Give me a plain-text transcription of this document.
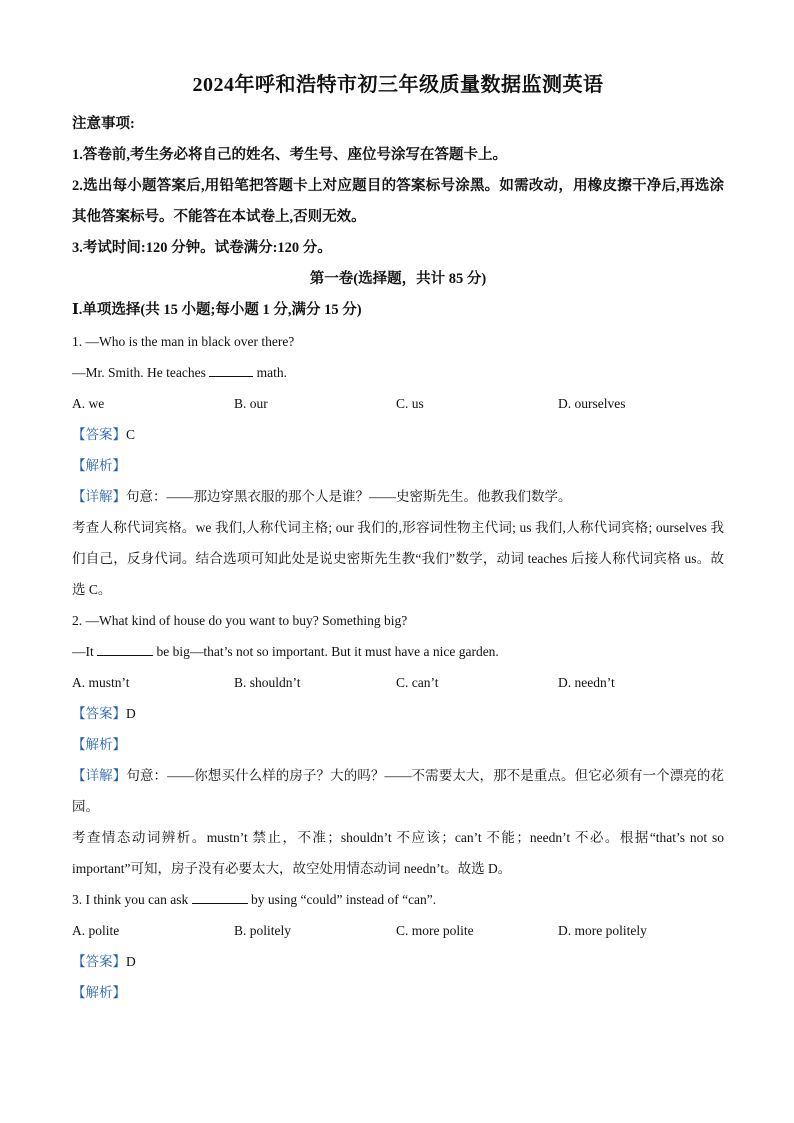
2024年呼和浩特市初三年级质量数据监测英语

注意事项:

1.答卷前,考生务必将自己的姓名、考生号、座位号涂写在答题卡上。

2.选出每小题答案后,用铅笔把答题卡上对应题目的答案标号涂黑。如需改动，用橡皮擦干净后,再选涂其他答案标号。不能答在本试卷上,否则无效。

3.考试时间:120 分钟。试卷满分:120 分。

第一卷(选择题，共计 85 分)

Ⅰ.单项选择(共 15 小题;每小题 1 分,满分 15 分)

1. —Who is the man in black over there?

—Mr. Smith. He teaches	math.

A. we	B. our	C. us	D. ourselves

【答案】C

【解析】

【详解】句意：——那边穿黑衣服的那个人是谁？——史密斯先生。他教我们数学。

考查人称代词宾格。we 我们,人称代词主格; our 我们的,形容词性物主代词; us 我们,人称代词宾格; ourselves 我们自己，反身代词。结合选项可知此处是说史密斯先生教“我们”数学，动词 teaches 后接人称代词宾格 us。故选 C。

2. —What kind of house do you want to buy? Something big?

—It	be big—that’s not so important. But it must have a nice garden.

A. mustn’t	B. shouldn’t	C. can’t	D. needn’t

【答案】D

【解析】

【详解】句意：——你想买什么样的房子？大的吗？——不需要太大，那不是重点。但它必须有一个漂亮的花园。

考查情态动词辨析。mustn’t 禁止，不准；shouldn’t 不应该；can’t 不能；needn’t 不必。根据“that’s not so important”可知，房子没有必要太大，故空处用情态动词 needn’t。故选 D。

3. I think you can ask	by using “could” instead of “can”.

A. polite	B. politely	C. more polite	D. more politely

【答案】D

【解析】
